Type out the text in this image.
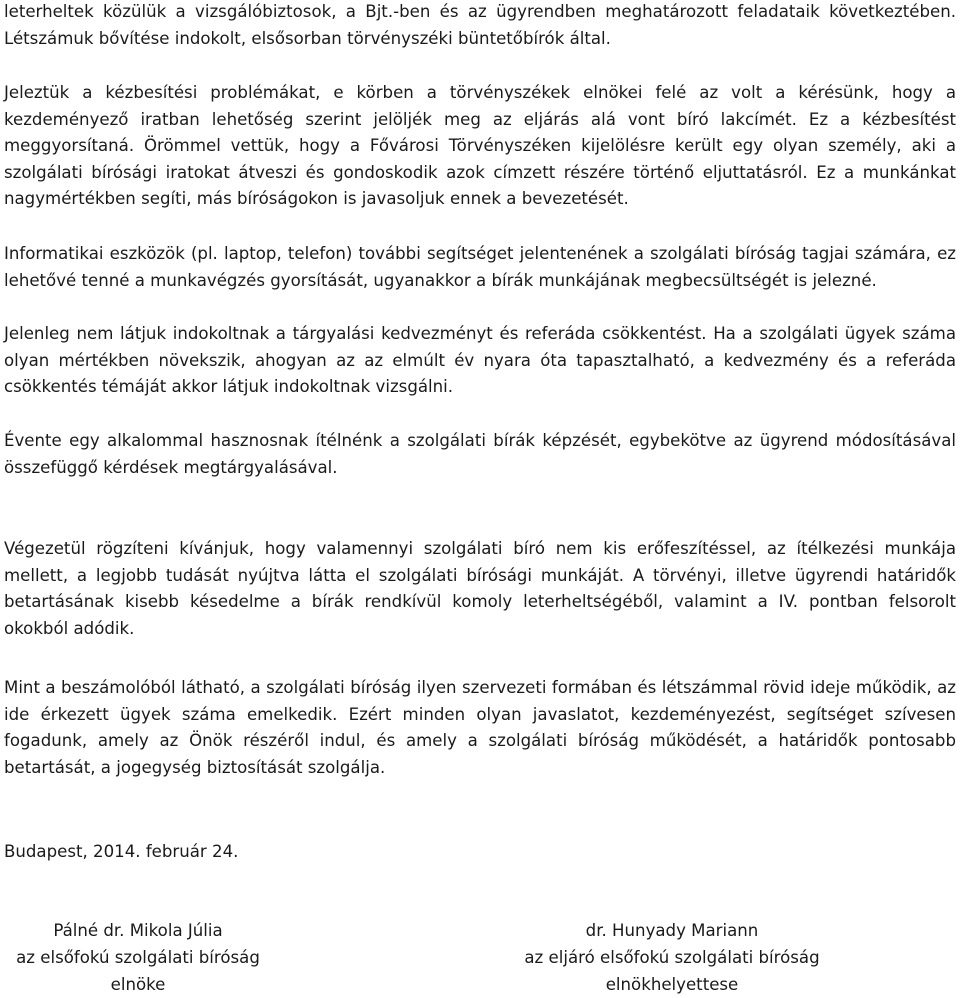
leterheltek közülük a vizsgálóbiztosok, a Bjt.-ben és az ügyrendben meghatározott feladataik következtében. Létszámuk bővítése indokolt, elsősorban törvényszéki büntetőbírók által.

Jeleztük a kézbesítési problémákat, e körben a törvényszékek elnökei felé az volt a kérésünk, hogy a kezdeményező iratban lehetőség szerint jelöljék meg az eljárás alá vont bíró lakcímét. Ez a kézbesítést meggyorsítaná. Örömmel vettük, hogy a Fővárosi Törvényszéken kijelölésre került egy olyan személy, aki a szolgálati bírósági iratokat átveszi és gondoskodik azok címzett részére történő eljuttatásról. Ez a munkánkat nagymértékben segíti, más bíróságokon is javasoljuk ennek a bevezetését.

Informatikai eszközök (pl. laptop, telefon) további segítséget jelentenének a szolgálati bíróság tagjai számára, ez lehetővé tenné a munkavégzés gyorsítását, ugyanakkor a bírák munkájának megbecsültségét is jelezné.

Jelenleg nem látjuk indokoltnak a tárgyalási kedvezményt és referáda csökkentést. Ha a szolgálati ügyek száma olyan mértékben növekszik, ahogyan az az elmúlt év nyara óta tapasztalható, a kedvezmény és a referáda csökkentés témáját akkor látjuk indokoltnak vizsgálni.

Évente egy alkalommal hasznosnak ítélnénk a szolgálati bírák képzését, egybekötve az ügyrend módosításával összefüggő kérdések megtárgyalásával.

Végezetül rögzíteni kívánjuk, hogy valamennyi szolgálati bíró nem kis erőfeszítéssel, az ítélkezési munkája mellett, a legjobb tudását nyújtva látta el szolgálati bírósági munkáját. A törvényi, illetve ügyrendi határidők betartásának kisebb késedelme a bírák rendkívül komoly leterheltségéből, valamint a IV. pontban felsorolt okokból adódik.

Mint a beszámolóból látható, a szolgálati bíróság ilyen szervezeti formában és létszámmal rövid ideje működik, az ide érkezett ügyek száma emelkedik. Ezért minden olyan javaslatot, kezdeményezést, segítséget szívesen fogadunk, amely az Önök részéről indul, és amely a szolgálati bíróság működését, a határidők pontosabb betartását, a jogegység biztosítását szolgálja.

Budapest, 2014. február 24.
Pálné dr. Mikola Júlia
az elsőfokú szolgálati bíróság
elnöke
dr. Hunyady Mariann
az eljáró elsőfokú szolgálati bíróság
elnökhelyettese
